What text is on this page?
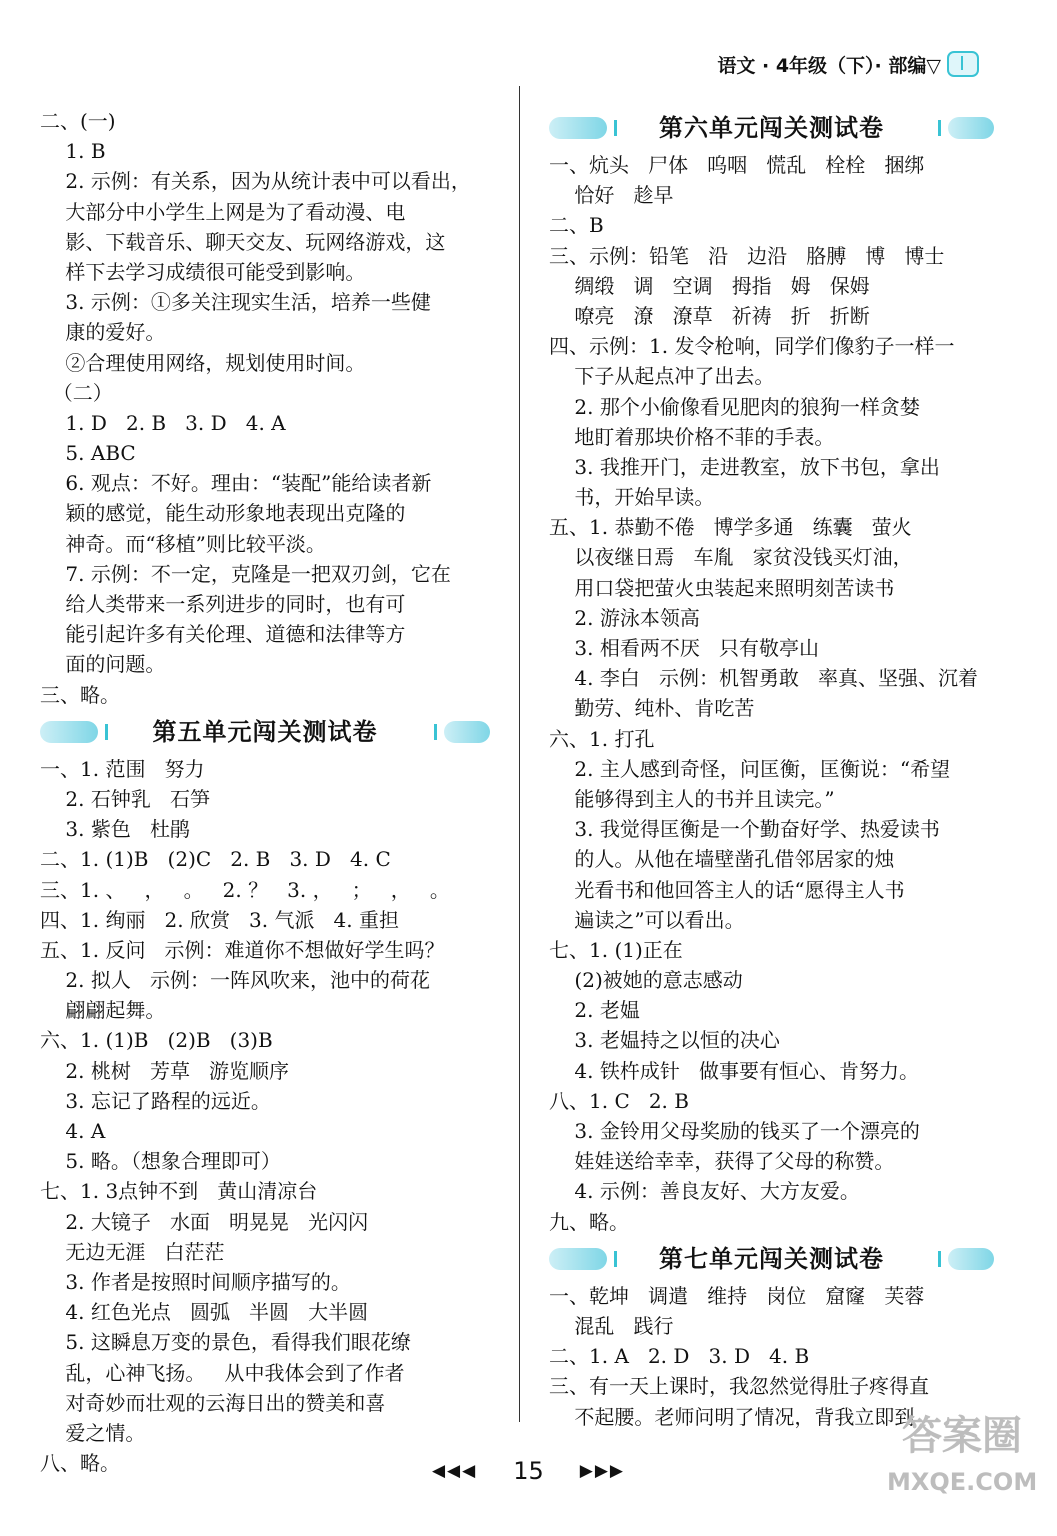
语文 · 4年级（下）· 部编▽
二、(一)
1. B
2. 示例：有关系，因为从统计表中可以看出，
大部分中小学生上网是为了看动漫、电
影、下载音乐、聊天交友、玩网络游戏，这
样下去学习成绩很可能受到影响。
3. 示例：①多关注现实生活，培养一些健
康的爱好。
②合理使用网络，规划使用时间。
（二）
1. D   2. B   3. D   4. A
5. ABC
6. 观点：不好。理由：“装配”能给读者新
颖的感觉，能生动形象地表现出克隆的
神奇。而“移植”则比较平淡。
7. 示例：不一定，克隆是一把双刃剑，它在
给人类带来一系列进步的同时，也有可
能引起许多有关伦理、道德和法律等方
面的问题。
三、略。
第五单元闯关测试卷
一、1. 范围   努力
2. 石钟乳   石笋
3. 紫色   杜鹃
二、1. (1)B   (2)C   2. B   3. D   4. C
三、1. 、   ，   。   2. ？   3. ，   ；   ，   。
四、1. 绚丽   2. 欣赏   3. 气派   4. 重担
五、1. 反问   示例：难道你不想做好学生吗？
2. 拟人   示例：一阵风吹来，池中的荷花
翩翩起舞。
六、1. (1)B   (2)B   (3)B
2. 桃树   芳草   游览顺序
3. 忘记了路程的远近。
4. A
5. 略。（想象合理即可）
七、1. 3点钟不到   黄山清凉台
2. 大镜子   水面   明晃晃   光闪闪
无边无涯   白茫茫
3. 作者是按照时间顺序描写的。
4. 红色光点   圆弧   半圆   大半圆
5. 这瞬息万变的景色，看得我们眼花缭
乱，心神飞扬。   从中我体会到了作者
对奇妙而壮观的云海日出的赞美和喜
爱之情。
八、略。
第六单元闯关测试卷
一、炕头   尸体   呜咽   慌乱   栓栓   捆绑
恰好   趁早
二、B
三、示例：铅笔   沿   边沿   胳膊   博   博士
绸缎   调   空调   拇指   姆   保姆
嘹亮   潦   潦草   祈祷   折   折断
四、示例：1. 发令枪响，同学们像豹子一样一
下子从起点冲了出去。
2. 那个小偷像看见肥肉的狼狗一样贪婪
地盯着那块价格不菲的手表。
3. 我推开门，走进教室，放下书包，拿出
书，开始早读。
五、1. 恭勤不倦   博学多通   练囊   萤火
以夜继日焉   车胤   家贫没钱买灯油，
用口袋把萤火虫装起来照明刻苦读书
2. 游泳本领高
3. 相看两不厌   只有敬亭山
4. 李白   示例：机智勇敢   率真、坚强、沉着
勤劳、纯朴、肯吃苦
六、1. 打孔
2. 主人感到奇怪，问匡衡，匡衡说：“希望
能够得到主人的书并且读完。”
3. 我觉得匡衡是一个勤奋好学、热爱读书
的人。从他在墙壁凿孔借邻居家的烛
光看书和他回答主人的话“愿得主人书
遍读之”可以看出。
七、1. (1)正在
(2)被她的意志感动
2. 老媪
3. 老媪持之以恒的决心
4. 铁杵成针   做事要有恒心、肯努力。
八、1. C   2. B
3. 金铃用父母奖励的钱买了一个漂亮的
娃娃送给幸幸，获得了父母的称赞。
4. 示例：善良友好、大方友爱。
九、略。
第七单元闯关测试卷
一、乾坤   调遣   维持   岗位   窟窿   芙蓉
混乱   践行
二、1. A   2. D   3. D   4. B
三、有一天上课时，我忽然觉得肚子疼得直
不起腰。老师问明了情况，背我立即到
◀◀◀ 15 ▶▶▶
答案圈
MXQE.COM
